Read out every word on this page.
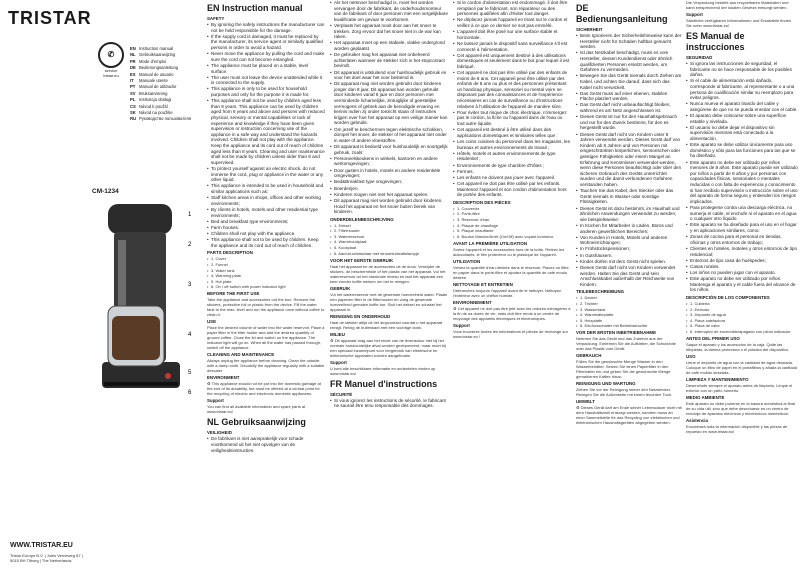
TRISTAR
✆
service
tristar.eu
EN Instruction manual
NL Gebruiksaanwijzing
FR Mode d'emploi
DE Bedienungsanleitung
ES Manual de usuario
IT Manuale utente
PT Manual de utilizador
SV Bruksanvisning
PL Instrukcja obsługi
CS Návod k použití
SK Návod na použitie
RU Руководство пользователя
CM-1234
1
2
3
4
5
6
WWW.TRISTAR.EU
Tristar Europe B.V. | Jules Verneweg 87 |
5015 BH Tilburg | The Netherlands
EN Instruction manual
SAFETY
• By ignoring the safety instructions the manufacturer can not be held responsible for the damage.
• If the supply cord is damaged, it must be replaced by the manufacturer, its service agent or similarly qualified persons in order to avoid a hazard.
• Never move the appliance by pulling the cord and make sure the cord can not become entangled.
• The appliance must be placed on a stable, level surface.
• The user must not leave the device unattended while it is connected to the supply.
• This appliance is only to be used for household purposes and only for the purpose it is made for.
• This appliance shall not be used by children aged less than 8 years. This appliance can be used by children aged from 8 years and above and persons with reduced physical, sensory or mental capabilities or lack of experience and knowledge if they have been given supervision or instruction concerning use of the appliance in a safe way and understand the hazards involved. Children shall not play with the appliance. Keep the appliance and its cord out of reach of children aged less than 8 years. Cleaning and user maintenance shall not be made by children unless older than 8 and supervised.
• To protect yourself against an electric shock, do not immerse the cord, plug or appliance in the water or any other liquid.
• This appliance is intended to be used in household and similar applications such as:
• Staff kitchen areas in shops, offices and other working environments;
• By clients in hotels, motels and other residential type environments;
• Bed and breakfast type environments;
• Farm houses.
• Children shall not play with the appliance.
• This appliance shall not to be used by children. Keep the appliance and its cord out of reach of children.
PARTS DESCRIPTION
• 1. Cover
• 2. Funnel
• 3. Water tank
• 4. Warming plate
• 5. Hot plate
• 6. On / off switch with power indicator light
BEFORE THE FIRST USE

Take the appliance and accessories out the box. Remove the stickers, protective foil or plastic from the device. Fill the water tank to the max. level and run the appliance once without coffee to clean it.

USE

Place the desired volume of water into the water reservoir. Place a paper filter in the filter holder and add the desired quantity of ground coffee. Close the lid and switch on the appliance. The indicator light will go on. When all the water has passed through, switch off the appliance.

CLEANING AND MAINTENANCE

Always unplug the appliance before cleaning. Clean the outside with a damp cloth. Decalcify the appliance regularly with a suitable descaler.

ENVIRONMENT

♻ This appliance should not be put into the domestic garbage at the end of its durability, but must be offered at a central point for the recycling of electric and electronic domestic appliances.

Support

You can find all available information and spare parts at www.tristar.eu!

NL Gebruiksaanwijzing
VEILIGHEID
• De fabrikant is niet aansprakelijk voor schade voortkomend uit het niet opvolgen van de veiligheidsinstructies.
• Als het netsnoer beschadigd is, moet het worden vervangen door de fabrikant, de onderhoudsmonteur van de fabrikant of door personen met een vergelijkbare kwalificatie om gevaar te voorkomen.
• Verplaats het apparaat nooit door aan het snoer te trekken. Zorg ervoor dat het snoer niet in de war kan raken.
• Het apparaat moet op een stabiele, vlakke ondergrond worden geplaatst.
• De gebruiker mag het apparaat niet onbeheerd achterlaten wanneer de stekker zich in het stopcontact bevindt.
• Dit apparaat is uitsluitend voor huishoudelijk gebruik en voor het doel waar het voor bestemd is.
• Dit apparaat mag niet worden gebruikt door kinderen jonger dan 8 jaar. Dit apparaat kan worden gebruikt door kinderen vanaf 8 jaar en door personen met verminderde lichamelijke, zintuiglijke of geestelijke vermogens of gebrek aan de benodigde ervaring en kennis indien zij onder toezicht staan of instructies krijgen over hoe het apparaat op een veilige manier kan worden gebruikt.
• Om jezelf te beschermen tegen elektrische schokken, dompel het snoer, de stekker of het apparaat niet onder in water of andere vloeistoffen.
• Dit apparaat is bedoeld voor huishoudelijk en soortgelijk gebruik, zoals:
• Personeelskeukens in winkels, kantoren en andere werkomgevingen;
• Door gasten in hotels, motels en andere residentiële omgevingen;
• Bed&Breakfast type omgevingen;
• Boerderijen.
• Kinderen mogen niet met het apparaat spelen.
• Dit apparaat mag niet worden gebruikt door kinderen. Houd het apparaat en het snoer buiten bereik van kinderen.
ONDERDELENBESCHRIJVING
• 1. Deksel
• 2. Filterhouder
• 3. Waterreservoir
• 4. Warmhoudplaat
• 5. Kookplaat
• 6. Aan/uit-schakelaar met stroomindicatielampje
VOOR HET EERSTE GEBRUIK

Haal het apparaat en de accessoires uit de doos. Verwijder de stickers, de beschermfolie of het plastic van het apparaat. Vul het waterreservoir tot het maximale niveau en laat het apparaat een keer zonder koffie werken om het te reinigen.

GEBRUIK

Vul het waterreservoir met de gewenste hoeveelheid water. Plaats een papieren filter in de filterhouder en voeg de gewenste hoeveelheid gemalen koffie toe. Sluit het deksel en schakel het apparaat in.

REINIGING EN ONDERHOUD

Haal de stekker altijd uit het stopcontact voordat u het apparaat reinigt. Reinig de buitenkant met een vochtige doek.

MILIEU

♻ Dit apparaat mag aan het einde van de levensduur niet bij het normale huishoudelijke afval worden gedeponeerd, maar moet bij een speciaal inzamelpunt voor hergebruik van elektrische en elektronische apparaten worden aangeboden.

Support

U kunt alle beschikbare informatie en onderdelen vinden op www.tristar.eu!

FR Manuel d'instructions
SÉCURITÉ
• Si vous ignorez les instructions de sécurité, le fabricant ne saurait être tenu responsable des dommages.
• Si le cordon d'alimentation est endommagé, il doit être remplacé par le fabricant, son réparateur ou des personnes qualifiées afin d'éviter tout danger.
• Ne déplacez jamais l'appareil en tirant sur le cordon et veillez à ce que ce dernier ne soit pas emmêlé.
• L'appareil doit être posé sur une surface stable et horizontale.
• Ne laissez jamais le dispositif sans surveillance s'il est connecté à l'alimentation.
• Cet appareil est uniquement destiné à des utilisations domestiques et seulement dans le but pour lequel il est fabriqué.
• Cet appareil ne doit pas être utilisé par des enfants de moins de 8 ans. Cet appareil peut être utilisé par des enfants de 8 ans ou plus et des personnes présentant un handicap physique, sensoriel ou mental voire ne disposant pas des connaissances et de l'expérience nécessaires en cas de surveillance ou d'instructions relatives à l'utilisation de l'appareil de manière sûre.
• Pour éviter tout risque de choc électrique, n'immergez pas le cordon, la fiche ou l'appareil dans de l'eau ou tout autre liquide.
• Cet appareil est destiné à être utilisé dans des applications domestiques et similaires telles que :
• Les coins cuisines du personnel dans les magasins, les bureaux et autres environnements de travail ;
• Hôtels, motels et autres environnements de type résidentiel ;
• Environnements de type chambre d'hôtes ;
• Fermes.
• Les enfants ne doivent pas jouer avec l'appareil.
• Cet appareil ne doit pas être utilisé par les enfants. Maintenez l'appareil et son cordon d'alimentation hors de portée des enfants.
DESCRIPTION DES PIÈCES
• 1. Couvercle
• 2. Porte-filtre
• 3. Réservoir d'eau
• 4. Plaque de chauffage
• 5. Plaque chauffante
• 6. Bouton Marche/Arrêt (On/Off) avec voyant lumineux
AVANT LA PREMIÈRE UTILISATION

Sortez l'appareil et les accessoires hors de la boîte. Retirez les autocollants, le film protecteur ou le plastique de l'appareil.

UTILISATION

Versez la quantité d'eau désirée dans le réservoir. Placez un filtre en papier dans le porte-filtre et ajoutez la quantité de café moulu désirée.

NETTOYAGE ET ENTRETIEN

Débranchez toujours l'appareil avant de le nettoyer. Nettoyez l'extérieur avec un chiffon humide.

ENVIRONNEMENT

♻ Cet appareil ne doit pas être jeté avec les ordures ménagères à la fin de sa durée de vie, mais doit être remis à un centre de recyclage des appareils électriques et électroniques.

Support

Vous trouverez toutes les informations et pièces de rechange sur www.tristar.eu !

DE Bedienungsanleitung
SICHERHEIT
• Beim Ignorieren der Sicherheitshinweise kann der Hersteller nicht für Schäden haftbar gemacht werden.
• Ist das Netzkabel beschädigt, muss es vom Hersteller, dessen Kundendienst oder ähnlich qualifizierten Personen ersetzt werden, um Gefahren zu vermeiden.
• Bewegen Sie das Gerät niemals durch Ziehen am Kabel, und achten Sie darauf, dass sich das Kabel nicht verwickelt.
• Das Gerät muss auf einer ebenen, stabilen Fläche platziert werden.
• Das Gerät darf nicht unbeaufsichtigt bleiben, während es am Netz angeschlossen ist.
• Dieses Gerät ist nur für den Haushaltsgebrauch und nur für den Zweck bestimmt, für den es hergestellt wurde.
• Dieses Gerät darf nicht von Kindern unter 8 Jahren verwendet werden. Dieses Gerät darf von Kindern ab 8 Jahren und von Personen mit eingeschränkten körperlichen, sensorischen oder geistigen Fähigkeiten oder einem Mangel an Erfahrung und Kenntnissen verwendet werden, wenn diese Personen beaufsichtigt oder über den sicheren Gebrauch des Geräts unterrichtet wurden und die damit verbundenen Gefahren verstanden haben.
• Tauchen Sie das Kabel, den Stecker oder das Gerät niemals in Wasser oder sonstige Flüssigkeiten.
• Dieses Gerät ist dazu bestimmt, im Haushalt und ähnlichen Anwendungen verwendet zu werden, wie beispielsweise:
• In Küchen für Mitarbeiter in Läden, Büros und anderen gewerblichen Bereichen;
• Von Kunden in Hotels, Motels und anderen Wohneinrichtungen;
• In Frühstückspensionen;
• In Gutshäusern.
• Kinder dürfen mit dem Gerät nicht spielen.
• Dieses Gerät darf nicht von Kindern verwendet werden. Halten Sie das Gerät und sein Anschlusskabel außerhalb der Reichweite von Kindern.
TEILEBESCHREIBUNG
• 1. Deckel
• 2. Trichter
• 3. Wassertank
• 4. Warmhalteplatte
• 5. Heizplatte
• 6. Ein/Ausschalter mit Betriebsleuchte
VOR DER ERSTEN INBETRIEBNAHME

Nehmen Sie das Gerät und das Zubehör aus der Verpackung. Entfernen Sie die Aufkleber, die Schutzfolie oder das Plastik vom Gerät.

GEBRAUCH

Füllen Sie die gewünschte Menge Wasser in den Wasserbehälter. Setzen Sie einen Papierfilter in den Filterhalter ein und geben Sie die gewünschte Menge gemahlenen Kaffee hinzu.

REINIGUNG UND WARTUNG

Ziehen Sie vor der Reinigung immer den Netzstecker. Reinigen Sie die Außenseite mit einem feuchten Tuch.

UMWELT

♻ Dieses Gerät darf am Ende seiner Lebensdauer nicht mit dem Haushaltsmüll entsorgt werden, sondern muss an einer Sammelstelle für das Recycling von elektrischen und elektronischen Haushaltsgeräten abgegeben werden.

Die Verpackung besteht aus recycelbaren Materialien und kann entsprechend der lokalen Gesetze entsorgt werden.

Support

Sämtliche verfügbaren Informationen und Ersatzteile finden Sie unter www.tristar.eu!

ES Manual de instrucciones
SEGURIDAD
• Si ignora las instrucciones de seguridad, el fabricante no se hace responsable de los posibles daños.
• Si el cable de alimentación está dañado, corresponde al fabricante, al representante o a una persona de cualificación similar su reemplazo para evitar peligros.
• Nunca mueva el aparato tirando del cable y asegúrese de que no se pueda enredar con el cable.
• El aparato debe colocarse sobre una superficie estable y nivelada.
• El usuario no debe dejar el dispositivo sin supervisión mientras está conectado a la alimentación.
• Este aparato se debe utilizar únicamente para uso doméstico y sólo para las funciones para las que se ha diseñado.
• Este aparato no debe ser utilizado por niños menores de 8 años. Este aparato puede ser utilizado por niños a partir de 8 años y por personas con capacidades físicas, sensoriales o mentales reducidas o con falta de experiencia y conocimiento si han recibido supervisión o instrucción sobre el uso del aparato de forma segura y entienden los riesgos implicados.
• Para protegerse contra una descarga eléctrica, no sumerja el cable, el enchufe ni el aparato en el agua o cualquier otro líquido.
• Este aparato se ha diseñado para el uso en el hogar y en aplicaciones similares, como:
• Zonas de cocina para el personal en tiendas, oficinas y otros entornos de trabajo;
• Clientes en hoteles, moteles y otros entornos de tipo residencial;
• Entornos de tipo casa de huéspedes;
• Casas rurales.
• Los niños no pueden jugar con el aparato.
• Este aparato no debe ser utilizado por niños. Mantenga el aparato y el cable fuera del alcance de los niños.
DESCRIPCIÓN DE LOS COMPONENTES
• 1. Cubierta
• 2. Embudo
• 3. Depósito de agua
• 4. Placa calefactora
• 5. Placa de calor
• 6. Interruptor de encendido/apagado con piloto indicador
ANTES DEL PRIMER USO

Saque el aparato y los accesorios de la caja. Quite las etiquetas, la lámina protectora o el plástico del dispositivo.

USO

Llene el depósito de agua con la cantidad de agua deseada. Coloque un filtro de papel en el portafiltros y añada la cantidad de café molido deseada.

LIMPIEZA Y MANTENIMIENTO

Desenchufe siempre el aparato antes de limpiarlo. Limpie el exterior con un paño húmedo.

MEDIO AMBIENTE

Este aparato no debe ponerse en la basura doméstica al final de su vida útil, sino que debe desecharse en un centro de reciclaje de aparatos eléctricos y electrónicos domésticos.

Asistencia

Encontrará toda la información disponible y las piezas de repuesto en www.tristar.eu!
